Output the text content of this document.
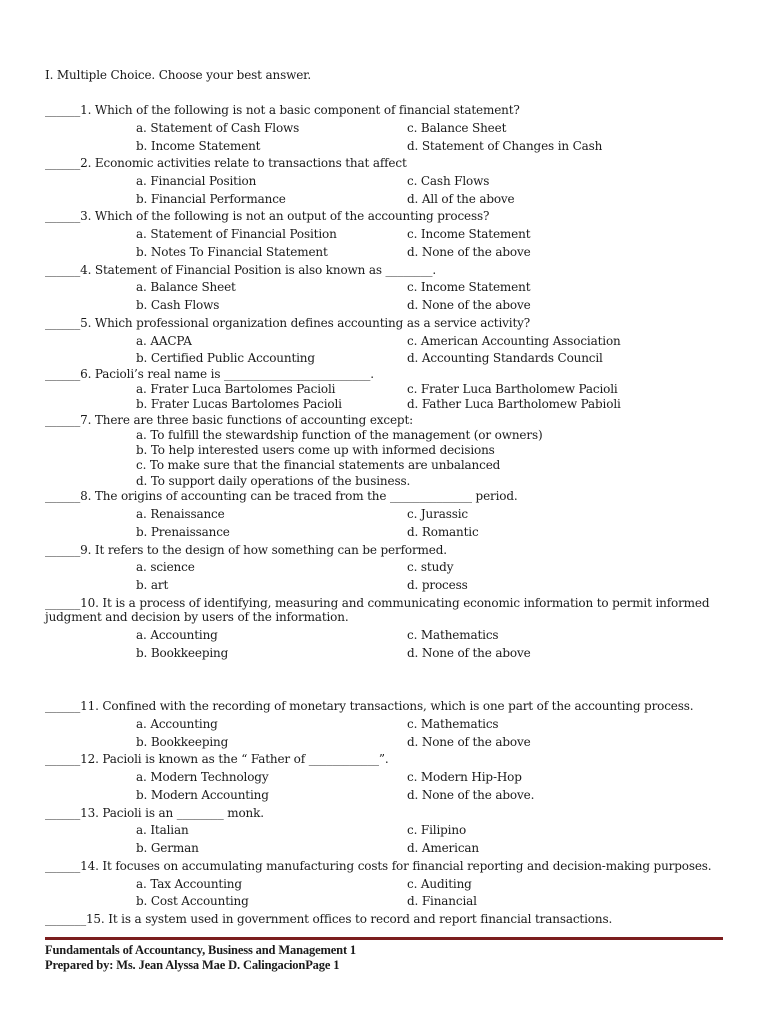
I. Multiple Choice. Choose your best answer.
______1. Which of the following is not a basic component of financial statement?
a. Statement of Cash Flows	c. Balance Sheet
b. Income Statement	d. Statement of Changes in Cash
______2. Economic activities relate to transactions that affect
a. Financial Position	c. Cash Flows
b. Financial Performance	d. All of the above
______3. Which of the following is not an output of the accounting process?
a. Statement of Financial Position	c. Income Statement
b. Notes To Financial Statement	d. None of the above
______4. Statement of Financial Position is also known as ________.
a. Balance Sheet	c. Income Statement
b. Cash Flows	d. None of the above
______5. Which professional organization defines accounting as a service activity?
a. AACPA	c. American Accounting Association
b. Certified Public Accounting	d. Accounting Standards Council
______6. Pacioli’s real name is _________________________.
a. Frater Luca Bartolomes Pacioli	c. Frater Luca Bartholomew Pacioli
b. Frater Lucas Bartolomes Pacioli	d. Father Luca Bartholomew Pabioli
______7. There are three basic functions of accounting except:
a. To fulfill the stewardship function of the management (or owners)
b. To help interested users come up with informed decisions
c. To make sure that the financial statements are unbalanced
d. To support daily operations of the business.
______8. The origins of accounting can be traced from the ______________ period.
a. Renaissance	c. Jurassic
b. Prenaissance	d. Romantic
______9. It refers to the design of how something can be performed.
a. science	c. study
b. art	d. process
______10. It is a process of identifying, measuring and communicating economic information to permit informed judgment and decision by users of the information.
a. Accounting	c. Mathematics
b. Bookkeeping	d. None of the above
______11. Confined with the recording of monetary transactions, which is one part of the accounting process.
a. Accounting	c. Mathematics
b. Bookkeeping	d. None of the above
______12. Pacioli is known as the “ Father of ____________”.
a. Modern Technology	c. Modern Hip-Hop
b. Modern Accounting	d. None of the above.
______13. Pacioli is an ________ monk.
a. Italian	c. Filipino
b. German	d. American
______14. It focuses on accumulating manufacturing costs for financial reporting and decision-making purposes.
a. Tax Accounting	c. Auditing
b. Cost Accounting	d. Financial
_______15. It is a system used in government offices to record and report financial transactions.
Fundamentals of Accountancy, Business and Management 1
Prepared by: Ms. Jean Alyssa Mae D. CalingacionPage 1
